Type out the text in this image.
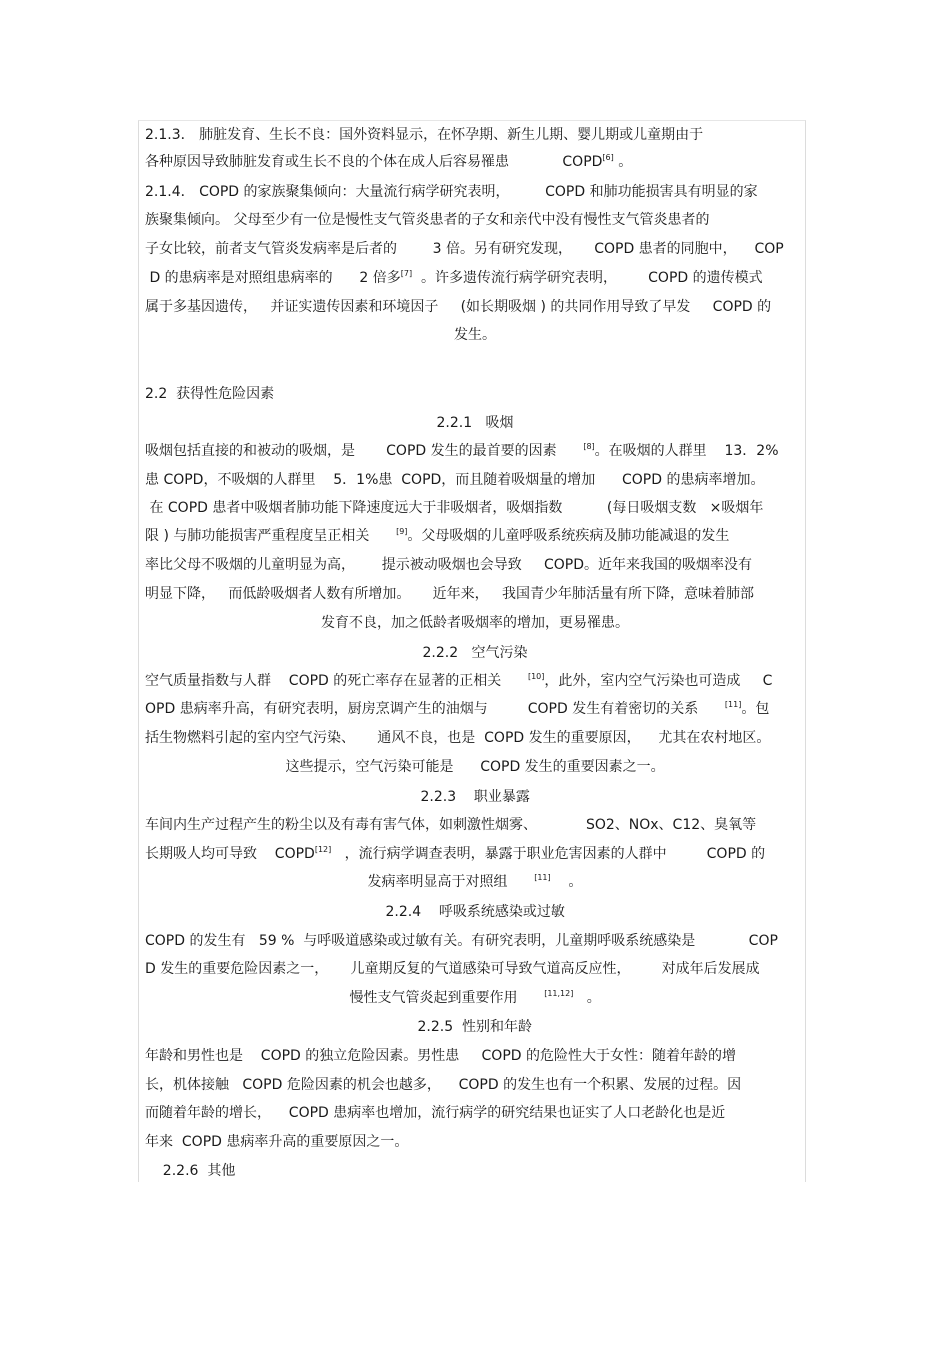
2.1.3． 肺脏发育、生长不良：国外资料显示，在怀孕期、新生儿期、婴儿期或儿童期由于
各种原因导致肺脏发育或生长不良的个体在成人后容易罹患            COPD[6] 。
2.1.4． COPD 的家族聚集倾向：大量流行病学研究表明，        COPD 和肺功能损害具有明显的家
族聚集倾向。 父母至少有一位是慢性支气管炎患者的子女和亲代中没有慢性支气管炎患者的
子女比较，前者支气管炎发病率是后者的        3 倍。另有研究发现，     COPD 患者的同胞中，    COP
D 的患病率是对照组患病率的      2 倍多[7]  。许多遗传流行病学研究表明，       COPD 的遗传模式
属于多基因遗传，   并证实遗传因素和环境因子     (如长期吸烟 ) 的共同作用导致了早发     COPD 的
发生。
2.2  获得性危险因素
2.2.1   吸烟
吸烟包括直接的和被动的吸烟，是       COPD 发生的最首要的因素      [8]。在吸烟的人群里    13．2%
患 COPD，不吸烟的人群里    5．1%患  COPD，而且随着吸烟量的增加      COPD 的患病率增加。
在 COPD 患者中吸烟者肺功能下降速度远大于非吸烟者，吸烟指数          (每日吸烟支数   ×吸烟年
限 ) 与肺功能损害严重程度呈正相关      [9]。父母吸烟的儿童呼吸系统疾病及肺功能减退的发生
率比父母不吸烟的儿童明显为高，      提示被动吸烟也会导致     COPD。近年来我国的吸烟率没有
明显下降，   而低龄吸烟者人数有所增加。     近年来，   我国青少年肺活量有所下降，意味着肺部
发育不良，加之低龄者吸烟率的增加，更易罹患。
2.2.2   空气污染
空气质量指数与人群    COPD 的死亡率存在显著的正相关      [10]，此外，室内空气污染也可造成     C
OPD 患病率升高，有研究表明，厨房烹调产生的油烟与         COPD 发生有着密切的关系      [11]。包
括生物燃料引起的室内空气污染、     通风不良，也是  COPD 发生的重要原因，    尤其在农村地区。
这些提示，空气污染可能是      COPD 发生的重要因素之一。
2.2.3    职业暴露
车间内生产过程产生的粉尘以及有毒有害气体，如刺激性烟雾、           SO2、NOx、C12、臭氧等
长期吸人均可导致    COPD[12]   ，流行病学调查表明，暴露于职业危害因素的人群中         COPD 的
发病率明显高于对照组      [11]    。
2.2.4    呼吸系统感染或过敏
COPD 的发生有   59 %  与呼吸道感染或过敏有关。有研究表明，儿童期呼吸系统感染是            COP
D 发生的重要危险因素之一，     儿童期反复的气道感染可导致气道高反应性，       对成年后发展成
慢性支气管炎起到重要作用      [11,12]   。
2.2.5  性别和年龄
年龄和男性也是    COPD 的独立危险因素。男性患     COPD 的危险性大于女性：随着年龄的增
长，机体接触   COPD 危险因素的机会也越多，    COPD 的发生也有一个积累、发展的过程。因
而随着年龄的增长，    COPD 患病率也增加，流行病学的研究结果也证实了人口老龄化也是近
年来  COPD 患病率升高的重要原因之一。
2.2.6  其他
